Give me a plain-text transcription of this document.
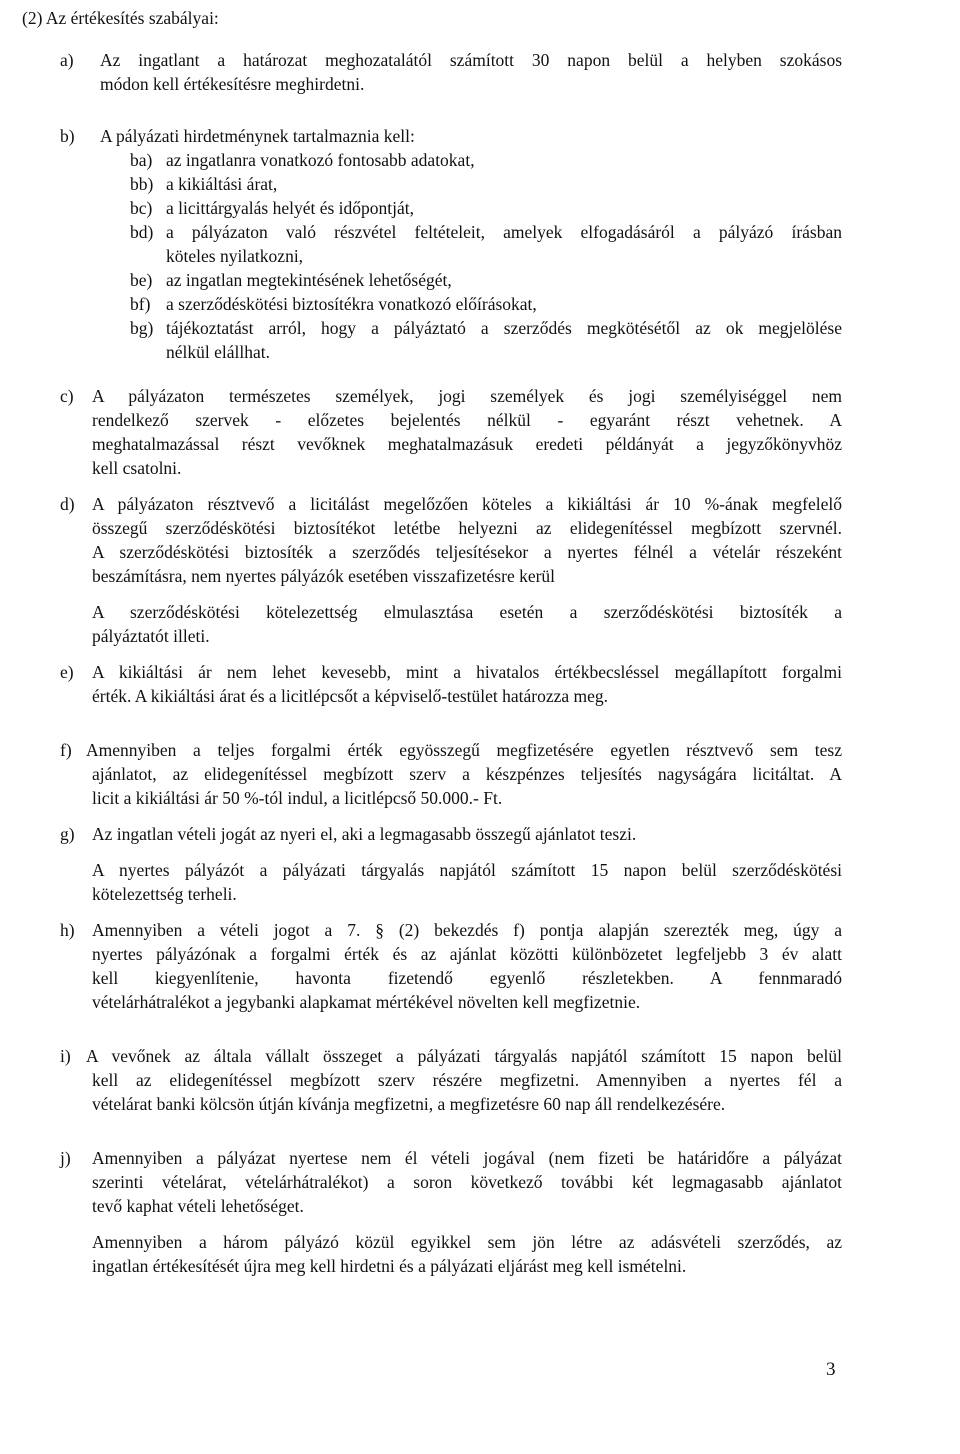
(2) Az értékesítés szabályai:
a) Az ingatlant a határozat meghozatalától számított 30 napon belül a helyben szokásos
módon kell értékesítésre meghirdetni.
b) A pályázati hirdetménynek tartalmaznia kell:
ba) az ingatlanra vonatkozó fontosabb adatokat,
bb) a kikiáltási árat,
bc) a licittárgyalás helyét és időpontját,
bd) a pályázaton való részvétel feltételeit, amelyek elfogadásáról a pályázó írásban
köteles nyilatkozni,
be) az ingatlan megtekintésének lehetőségét,
bf) a szerződéskötési biztosítékra vonatkozó előírásokat,
bg) tájékoztatást arról, hogy a pályáztató a szerződés megkötésétől az ok megjelölése
nélkül elállhat.
c) A pályázaton természetes személyek, jogi személyek és jogi személyiséggel nem
rendelkező szervek - előzetes bejelentés nélkül - egyaránt részt vehetnek. A
meghatalmazással részt vevőknek meghatalmazásuk eredeti példányát a jegyzőkönyvhöz
kell csatolni.
d) A pályázaton résztvevő a licitálást megelőzően köteles a kikiáltási ár 10 %-ának megfelelő
összegű szerződéskötési biztosítékot letétbe helyezni az elidegenítéssel megbízott szervnél.
A szerződéskötési biztosíték a szerződés teljesítésekor a nyertes félnél a vételár részeként
beszámításra, nem nyertes pályázók esetében visszafizetésre kerül
A szerződéskötési kötelezettség elmulasztása esetén a szerződéskötési biztosíték a
pályáztatót illeti.
e) A kikiáltási ár nem lehet kevesebb, mint a hivatalos értékbecsléssel megállapított forgalmi
érték. A kikiáltási árat és a licitlépcsőt a képviselő-testület határozza meg.
f) Amennyiben a teljes forgalmi érték egyösszegű megfizetésére egyetlen résztvevő sem tesz
ajánlatot, az elidegenítéssel megbízott szerv a készpénzes teljesítés nagyságára licitáltat. A
licit a kikiáltási ár 50 %-tól indul, a licitlépcső 50.000.- Ft.
g) Az ingatlan vételi jogát az nyeri el, aki a legmagasabb összegű ajánlatot teszi.
A nyertes pályázót a pályázati tárgyalás napjától számított 15 napon belül szerződéskötési
kötelezettség terheli.
h) Amennyiben a vételi jogot a 7. § (2) bekezdés f) pontja alapján szerezték meg, úgy a
nyertes pályázónak a forgalmi érték és az ajánlat közötti különbözetet legfeljebb 3 év alatt
kell kiegyenlítenie, havonta fizetendő egyenlő részletekben. A fennmaradó
vételárhátralékot a jegybanki alapkamat mértékével növelten kell megfizetnie.
i) A vevőnek az általa vállalt összeget a pályázati tárgyalás napjától számított 15 napon belül
kell az elidegenítéssel megbízott szerv részére megfizetni. Amennyiben a nyertes fél a
vételárat banki kölcsön útján kívánja megfizetni, a megfizetésre 60 nap áll rendelkezésére.
j) Amennyiben a pályázat nyertese nem él vételi jogával (nem fizeti be határidőre a pályázat
szerinti vételárat, vételárhátralékot) a soron következő további két legmagasabb ajánlatot
tevő kaphat vételi lehetőséget.
Amennyiben a három pályázó közül egyikkel sem jön létre az adásvételi szerződés, az
ingatlan értékesítését újra meg kell hirdetni és a pályázati eljárást meg kell ismételni.
3
